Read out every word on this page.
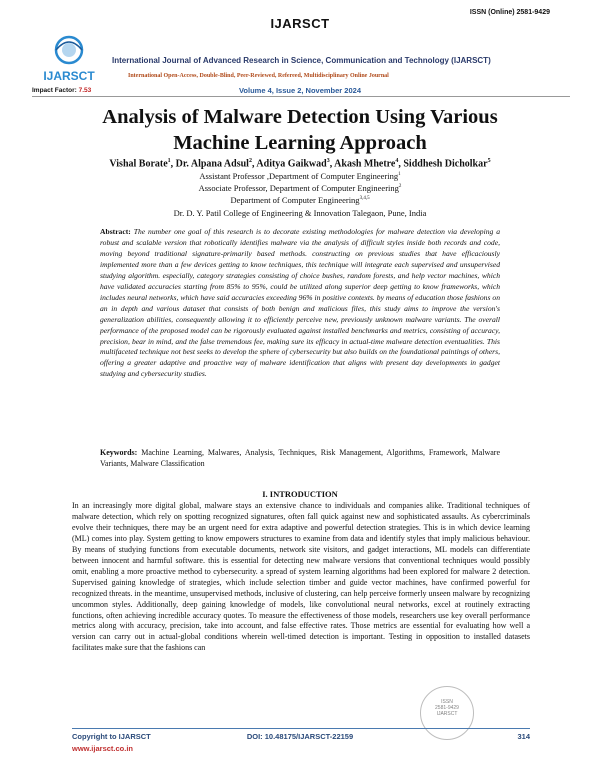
IJARSCT
ISSN (Online) 2581-9429
IJARSCT
International Journal of Advanced Research in Science, Communication and Technology (IJARSCT)
International Open-Access, Double-Blind, Peer-Reviewed, Refereed, Multidisciplinary Online Journal
Impact Factor: 7.53	Volume 4, Issue 2, November 2024
Analysis of Malware Detection Using Various
Machine Learning Approach
Vishal Borate$^1$, Dr. Alpana Adsul$^2$, Aditya Gaikwad$^3$, Akash Mhetre$^4$, Siddhesh Dicholkar$^5$
Assistant Professor ,Department of Computer Engineering$^1$
Associate Professor, Department of Computer Engineering$^2$
Department of Computer Engineering$^{3,4,5}$
Dr. D. Y. Patil College of Engineering & Innovation Talegaon, Pune, India
Abstract: The number one goal of this research is to decorate existing methodologies for malware detection via developing a robust and scalable version that robotically identifies malware via the analysis of difficult styles inside both records and code, moving beyond traditional signature-primarily based methods. constructing on previous studies that have efficaciously implemented more than a few devices getting to know techniques, this technique will integrate each supervised and unsupervised studying algorithm. especially, category strategies consisting of choice bushes, random forests, and help vector machines, which have validated accuracies starting from 85% to 95%, could be utilized along superior deep getting to know frameworks, which includes neural networks, which have said accuracies exceeding 96% in positive contexts. by means of education those fashions on an in depth and various dataset that consists of both benign and malicious files, this study aims to improve the version's generalization abilities, consequently allowing it to efficiently perceive new, previously unknown malware variants. The overall performance of the proposed model can be rigorously evaluated against installed benchmarks and metrics, consisting of accuracy, precision, bear in mind, and the false tremendous fee, making sure its efficacy in actual-time malware detection eventualities. This multifaceted technique not best seeks to develop the sphere of cybersecurity but also builds on the foundational paintings of others, offering a greater adaptive and proactive way of malware identification that aligns with present day developments in gadget studying and cybersecurity studies.
Keywords: Machine Learning, Malwares, Analysis, Techniques, Risk Management, Algorithms, Framework, Malware Variants, Malware Classification
I. INTRODUCTION
In an increasingly more digital global, malware stays an extensive chance to individuals and companies alike. Traditional techniques of malware detection, which rely on spotting recognized signatures, often fall quick against new and sophisticated assaults. As cybercriminals evolve their techniques, there may be an urgent need for extra adaptive and powerful detection strategies. This is in which device learning (ML) comes into play. System getting to know empowers structures to examine from data and identify styles that imply malicious behaviour. By means of studying functions from executable documents, network site visitors, and gadget interactions, ML models can differentiate between innocent and harmful software. this is essential for detecting new malware versions that conventional techniques would possibly omit, enabling a more proactive method to cybersecurity. a spread of system learning algorithms had been explored for malware 2 detection. Supervised gaining knowledge of strategies, which include selection timber and guide vector machines, have confirmed powerful for recognized threats. in the meantime, unsupervised methods, inclusive of clustering, can help perceive formerly unseen malware by recognizing uncommon styles. Additionally, deep gaining knowledge of models, like convolutional neural networks, excel at routinely extracting functions, often achieving incredible accuracy quotes. To measure the effectiveness of those models, researchers use key overall performance metrics along with accuracy, precision, take into account, and false effective rates. Those metrics are essential for evaluating how well a version can carry out in actual-global conditions wherein well-timed detection is important. Testing in opposition to installed datasets facilitates make sure that the fashions can
ISSN
2581-9429
IJARSCT
Copyright to IJARSCT
www.ijarsct.co.in
DOI: 10.48175/IJARSCT-22159	314
